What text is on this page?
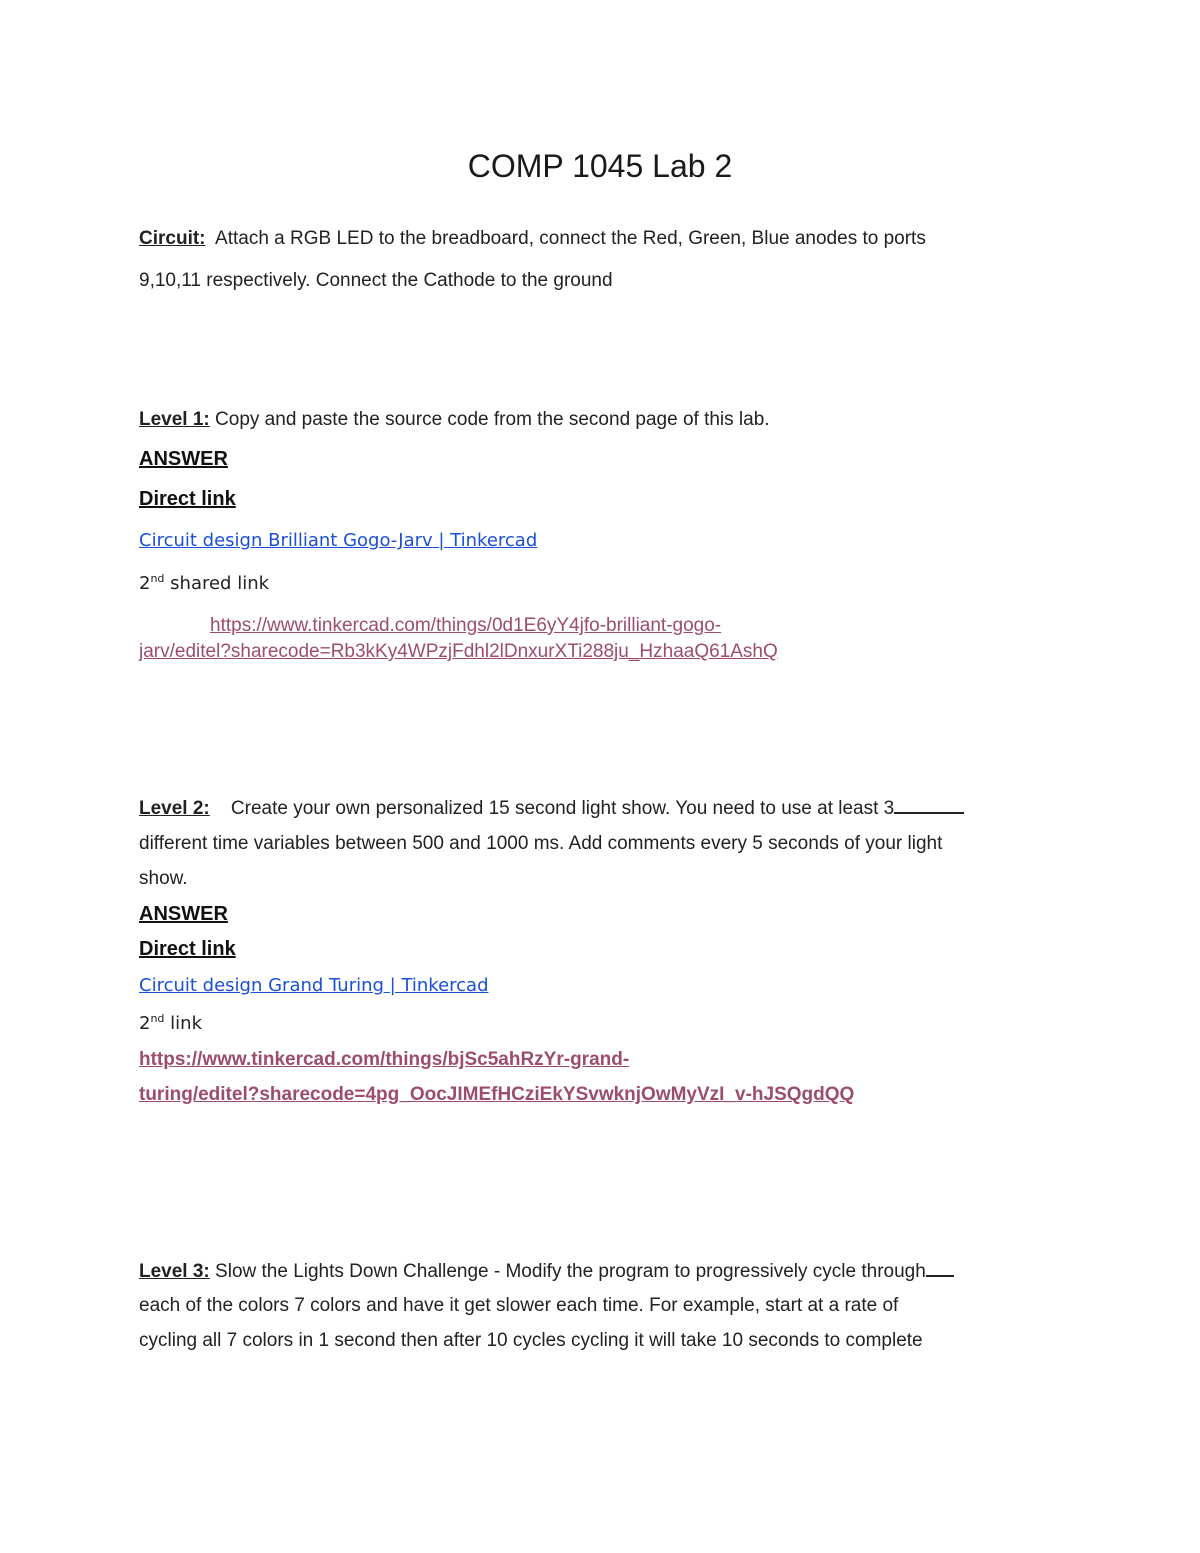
COMP 1045 Lab 2
Circuit: Attach a RGB LED to the breadboard, connect the Red, Green, Blue anodes to ports
9,10,11 respectively. Connect the Cathode to the ground
Level 1: Copy and paste the source code from the second page of this lab.
ANSWER
Direct link
Circuit design Brilliant Gogo-Jarv | Tinkercad
2nd shared link
https://www.tinkercad.com/things/0d1E6yY4jfo-brilliant-gogo-
jarv/editel?sharecode=Rb3kKy4WPzjFdhl2lDnxurXTi288ju_HzhaaQ61AshQ
Level 2: Create your own personalized 15 second light show. You need to use at least 3
different time variables between 500 and 1000 ms. Add comments every 5 seconds of your light
show.
ANSWER
Direct link
Circuit design Grand Turing | Tinkercad
2nd link
https://www.tinkercad.com/things/bjSc5ahRzYr-grand-
turing/editel?sharecode=4pg_OocJIMEfHCziEkYSvwknjOwMyVzI_v-hJSQgdQQ
Level 3: Slow the Lights Down Challenge - Modify the program to progressively cycle through
each of the colors 7 colors and have it get slower each time. For example, start at a rate of
cycling all 7 colors in 1 second then after 10 cycles cycling it will take 10 seconds to complete
